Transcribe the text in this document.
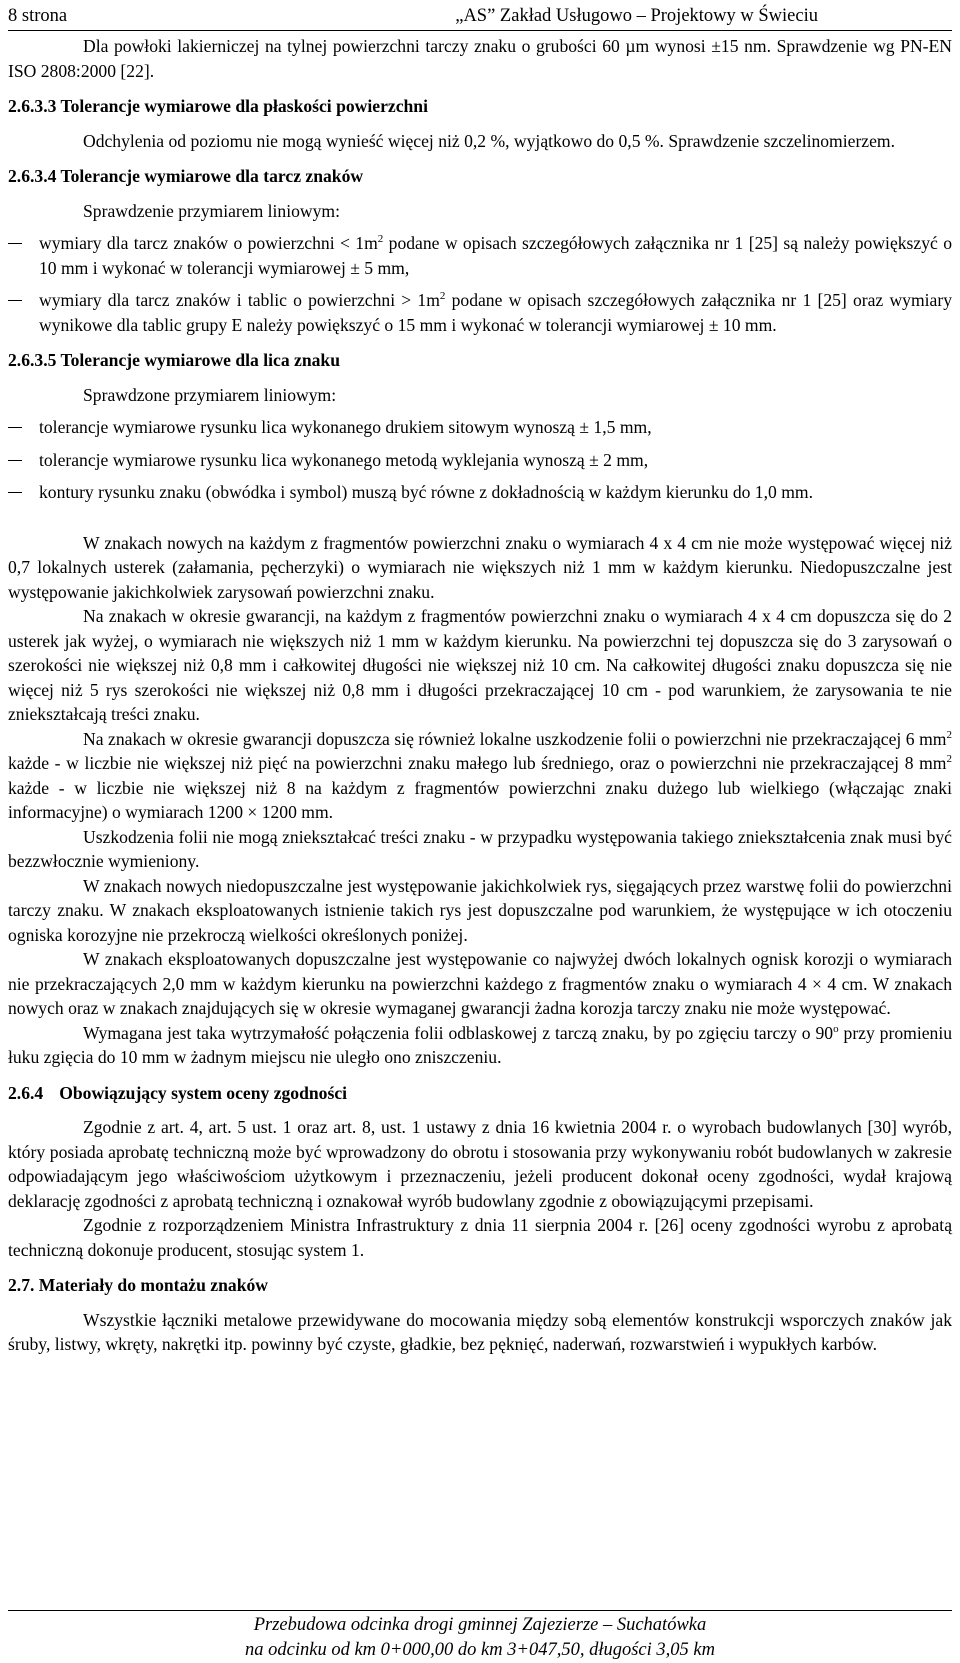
8 strona	„AS” Zakład Usługowo – Projektowy w Świeciu

Dla powłoki lakierniczej na tylnej powierzchni tarczy znaku o grubości 60 µm wynosi ±15 nm. Sprawdzenie wg PN-EN ISO 2808:2000 [22].

2.6.3.3 Tolerancje wymiarowe dla płaskości powierzchni

Odchylenia od poziomu nie mogą wynieść więcej niż 0,2 %, wyjątkowo do 0,5 %. Sprawdzenie szczelinomierzem.

2.6.3.4 Tolerancje wymiarowe dla tarcz znaków

Sprawdzenie przymiarem liniowym:

wymiary dla tarcz znaków o powierzchni < $1m^2$ podane w opisach szczegółowych załącznika nr 1 [25] są należy powiększyć o 10 mm i wykonać w tolerancji wymiarowej ± 5 mm,
wymiary dla tarcz znaków i tablic o powierzchni > $1m^2$ podane w opisach szczegółowych załącznika nr 1 [25] oraz wymiary wynikowe dla tablic grupy E należy powiększyć o 15 mm i wykonać w tolerancji wymiarowej ± 10 mm.

2.6.3.5 Tolerancje wymiarowe dla lica znaku

Sprawdzone przymiarem liniowym:

tolerancje wymiarowe rysunku lica wykonanego drukiem sitowym wynoszą ± 1,5 mm,
tolerancje wymiarowe rysunku lica wykonanego metodą wyklejania wynoszą ± 2 mm,
kontury rysunku znaku (obwódka i symbol) muszą być równe z dokładnością w każdym kierunku do 1,0 mm.

W znakach nowych na każdym z fragmentów powierzchni znaku o wymiarach 4 x 4 cm nie może występować więcej niż 0,7 lokalnych usterek (załamania, pęcherzyki) o wymiarach nie większych niż 1 mm w każdym kierunku. Niedopuszczalne jest występowanie jakichkolwiek zarysowań powierzchni znaku.

Na znakach w okresie gwarancji, na każdym z fragmentów powierzchni znaku o wymiarach 4 x 4 cm dopuszcza się do 2 usterek jak wyżej, o wymiarach nie większych niż 1 mm w każdym kierunku. Na powierzchni tej dopuszcza się do 3 zarysowań o szerokości nie większej niż 0,8 mm i całkowitej długości nie większej niż 10 cm. Na całkowitej długości znaku dopuszcza się nie więcej niż 5 rys szerokości nie większej niż 0,8 mm i długości przekraczającej 10 cm - pod warunkiem, że zarysowania te nie zniekształcają treści znaku.

Na znakach w okresie gwarancji dopuszcza się również lokalne uszkodzenie folii o powierzchni nie przekraczającej 6 $mm^2$ każde - w liczbie nie większej niż pięć na powierzchni znaku małego lub średniego, oraz o powierzchni nie przekraczającej 8 $mm^2$ każde - w liczbie nie większej niż 8 na każdym z fragmentów powierzchni znaku dużego lub wielkiego (włączając znaki informacyjne) o wymiarach 1200 × 1200 mm.

Uszkodzenia folii nie mogą zniekształcać treści znaku - w przypadku występowania takiego zniekształcenia znak musi być bezzwłocznie wymieniony.

W znakach nowych niedopuszczalne jest występowanie jakichkolwiek rys, sięgających przez warstwę folii do powierzchni tarczy znaku. W znakach eksploatowanych istnienie takich rys jest dopuszczalne pod warunkiem, że występujące w ich otoczeniu ogniska korozyjne nie przekroczą wielkości określonych poniżej.

W znakach eksploatowanych dopuszczalne jest występowanie co najwyżej dwóch lokalnych ognisk korozji o wymiarach nie przekraczających 2,0 mm w każdym kierunku na powierzchni każdego z fragmentów znaku o wymiarach 4 × 4 cm. W znakach nowych oraz w znakach znajdujących się w okresie wymaganej gwarancji żadna korozja tarczy znaku nie może występować.

Wymagana jest taka wytrzymałość połączenia folii odblaskowej z tarczą znaku, by po zgięciu tarczy o 90$^o$ przy promieniu łuku zgięcia do 10 mm w żadnym miejscu nie uległo ono zniszczeniu.

2.6.4 Obowiązujący system oceny zgodności

Zgodnie z art. 4, art. 5 ust. 1 oraz art. 8, ust. 1 ustawy z dnia 16 kwietnia 2004 r. o wyrobach budowlanych [30] wyrób, który posiada aprobatę techniczną może być wprowadzony do obrotu i stosowania przy wykonywaniu robót budowlanych w zakresie odpowiadającym jego właściwościom użytkowym i przeznaczeniu, jeżeli producent dokonał oceny zgodności, wydał krajową deklarację zgodności z aprobatą techniczną i oznakował wyrób budowlany zgodnie z obowiązującymi przepisami.

Zgodnie z rozporządzeniem Ministra Infrastruktury z dnia 11 sierpnia 2004 r. [26] oceny zgodności wyrobu z aprobatą techniczną dokonuje producent, stosując system 1.

2.7. Materiały do montażu znaków

Wszystkie łączniki metalowe przewidywane do mocowania między sobą elementów konstrukcji wsporczych znaków jak śruby, listwy, wkręty, nakrętki itp. powinny być czyste, gładkie, bez pęknięć, naderwań, rozwarstwień i wypukłych karbów.

Przebudowa odcinka drogi gminnej Zajezierze – Suchatówka
na odcinku od km 0+000,00 do km 3+047,50, długości 3,05 km
